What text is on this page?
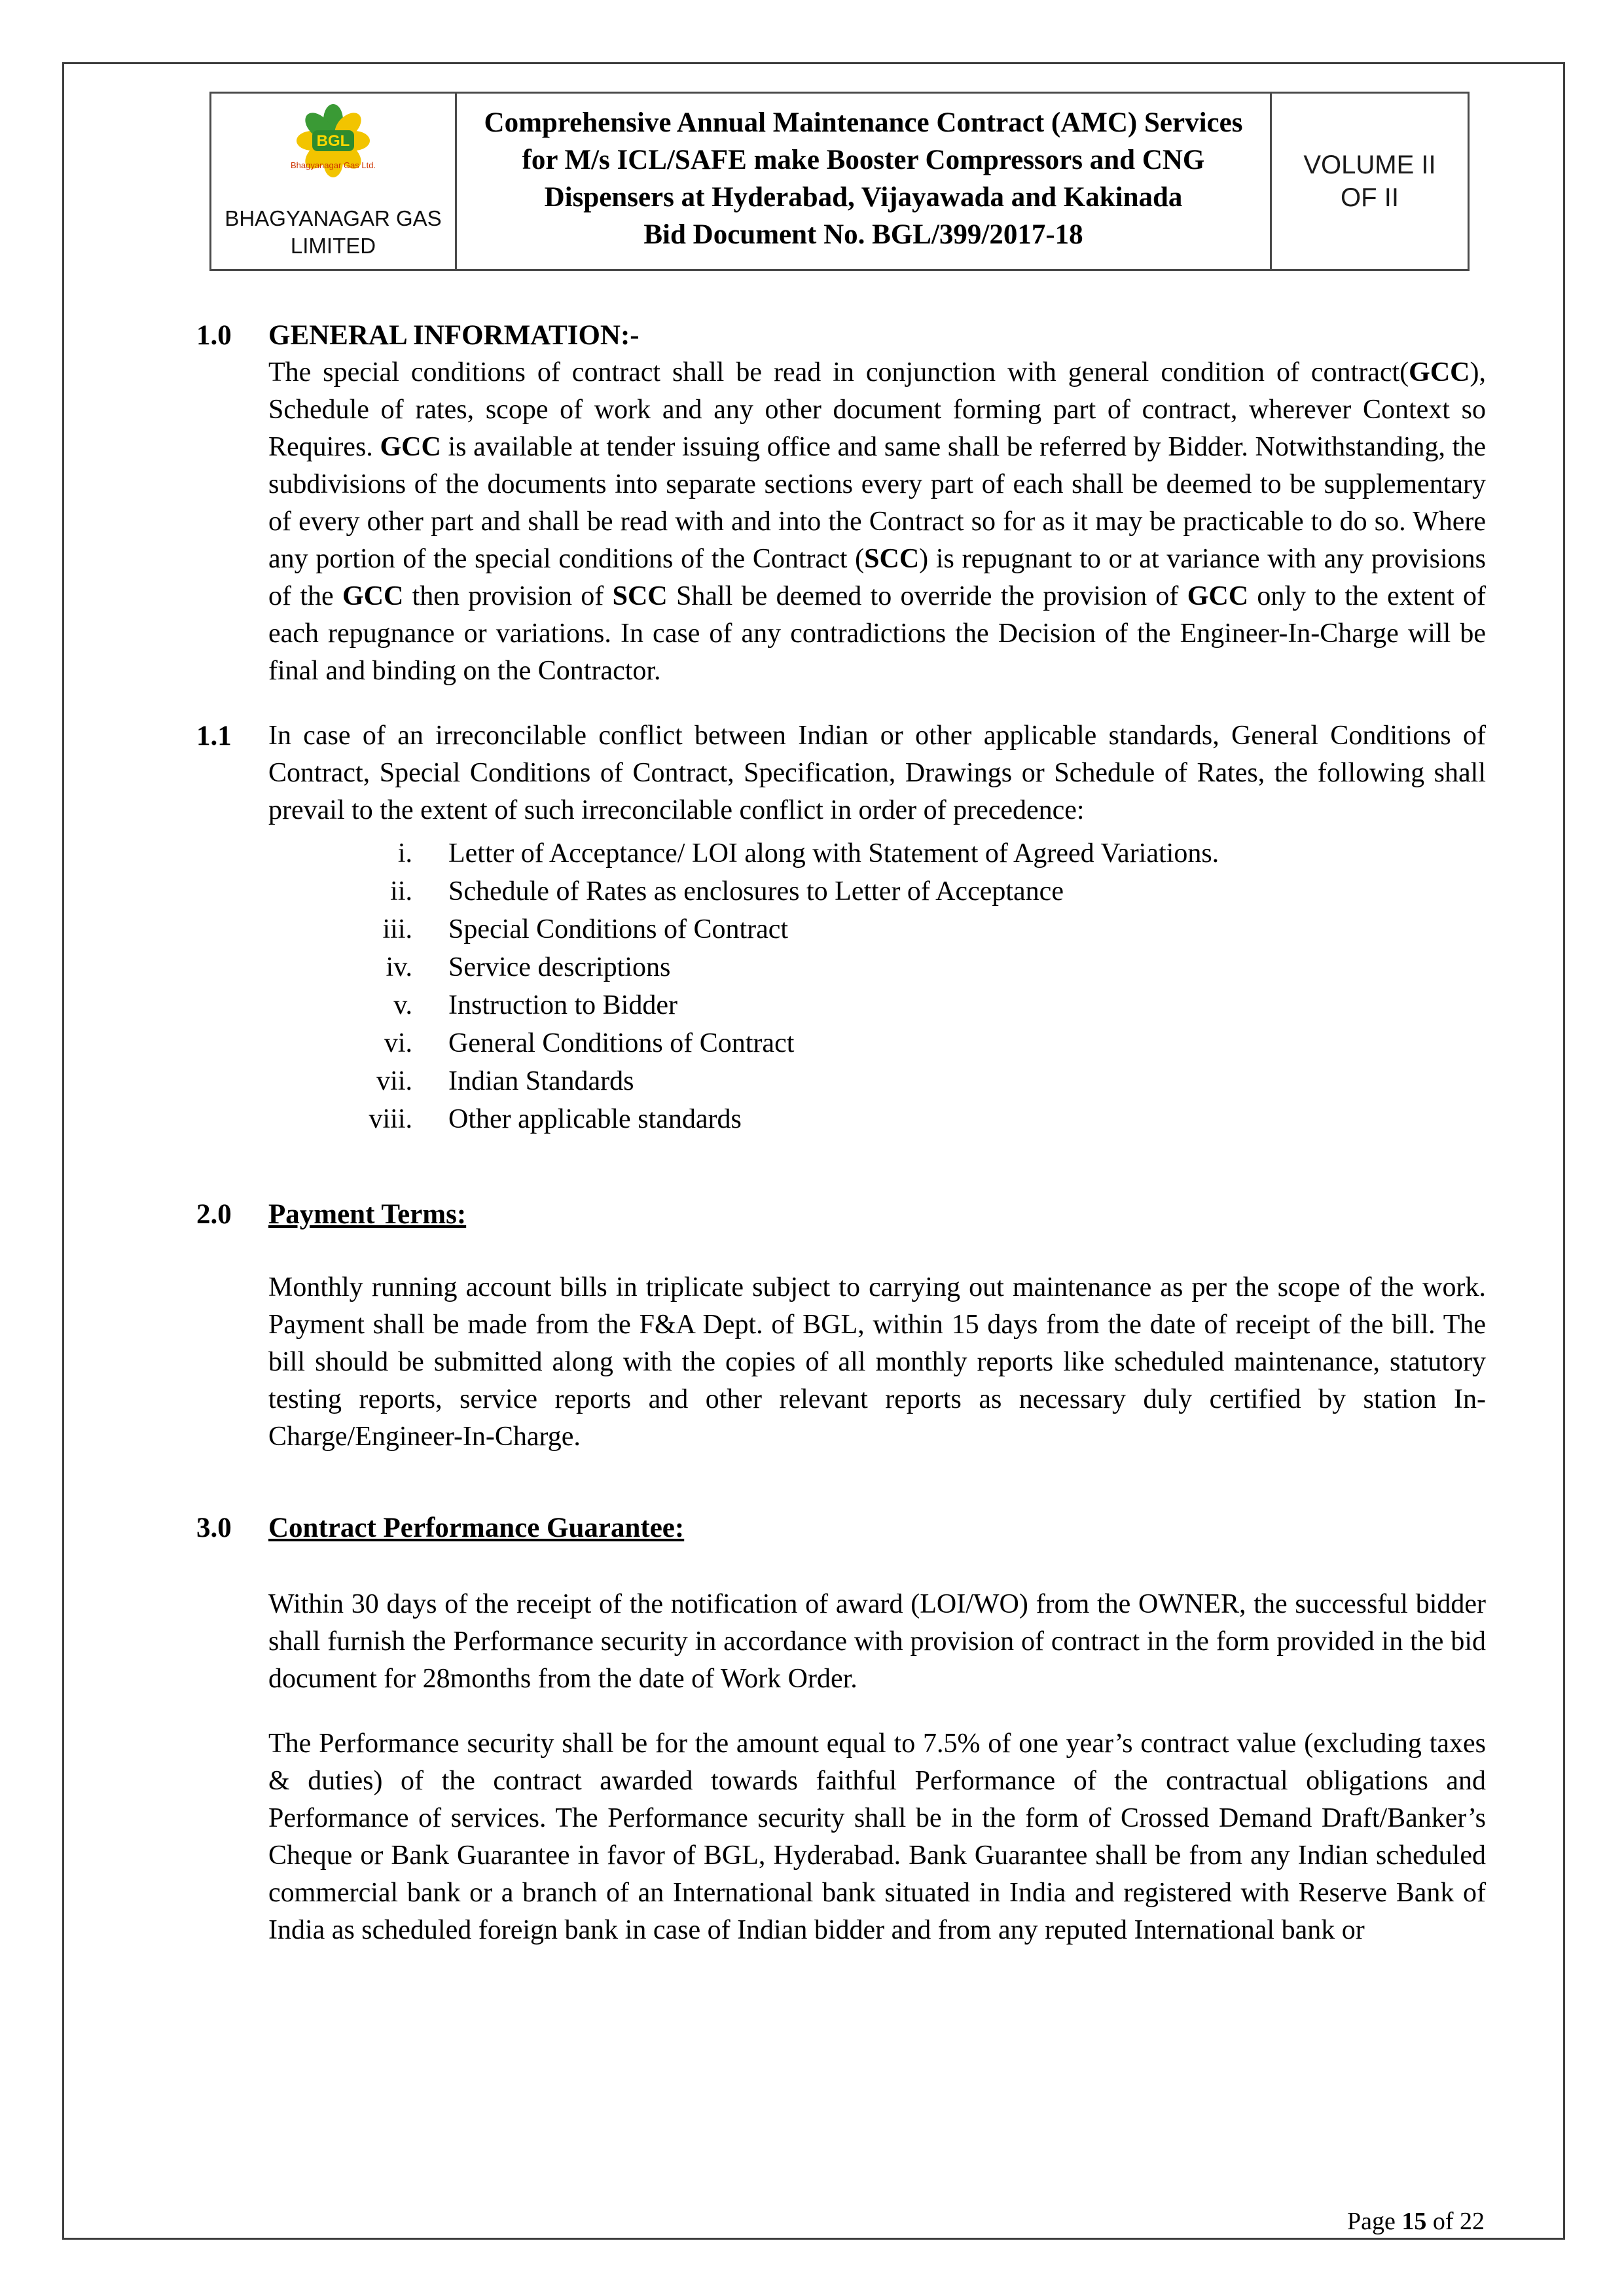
BGL
Bhagyanagar Gas Ltd.
BHAGYANAGAR GAS
LIMITED
Comprehensive Annual Maintenance Contract (AMC) Services for M/s ICL/SAFE make Booster Compressors and CNG Dispensers at Hyderabad, Vijayawada and Kakinada
Bid Document No. BGL/399/2017-18
VOLUME II
OF II
1.0	GENERAL INFORMATION:-
The special conditions of contract shall be read in conjunction with general condition of contract(GCC), Schedule of rates, scope of work and any other document forming part of contract, wherever Context so Requires. GCC is available at tender issuing office and same shall be referred by Bidder. Notwithstanding, the subdivisions of the documents into separate sections every part of each shall be deemed to be supplementary of every other part and shall be read with and into the Contract so for as it may be practicable to do so. Where any portion of the special conditions of the Contract (SCC) is repugnant to or at variance with any provisions of the GCC then provision of SCC Shall be deemed to override the provision of GCC only to the extent of each repugnance or variations. In case of any contradictions the Decision of the Engineer-In-Charge will be final and binding on the Contractor.
1.1	In case of an irreconcilable conflict between Indian or other applicable standards, General Conditions of Contract, Special Conditions of Contract, Specification, Drawings or Schedule of Rates, the following shall prevail to the extent of such irreconcilable conflict in order of precedence:
i. Letter of Acceptance/ LOI along with Statement of Agreed Variations.
ii. Schedule of Rates as enclosures to Letter of Acceptance
iii. Special Conditions of Contract
iv. Service descriptions
v. Instruction to Bidder
vi. General Conditions of Contract
vii. Indian Standards
viii. Other applicable standards
2.0	Payment Terms:
Monthly running account bills in triplicate subject to carrying out maintenance as per the scope of the work. Payment shall be made from the F&A Dept. of BGL, within 15 days from the date of receipt of the bill. The bill should be submitted along with the copies of all monthly reports like scheduled maintenance, statutory testing reports, service reports and other relevant reports as necessary duly certified by station In-Charge/Engineer-In-Charge.
3.0	Contract Performance Guarantee:
Within 30 days of the receipt of the notification of award (LOI/WO) from the OWNER, the successful bidder shall furnish the Performance security in accordance with provision of contract in the form provided in the bid document for 28months from the date of Work Order.
The Performance security shall be for the amount equal to 7.5% of one year’s contract value (excluding taxes & duties) of the contract awarded towards faithful Performance of the contractual obligations and Performance of services. The Performance security shall be in the form of Crossed Demand Draft/Banker’s Cheque or Bank Guarantee in favor of BGL, Hyderabad. Bank Guarantee shall be from any Indian scheduled commercial bank or a branch of an International bank situated in India and registered with Reserve Bank of India as scheduled foreign bank in case of Indian bidder and from any reputed International bank or
Page 15 of 22
